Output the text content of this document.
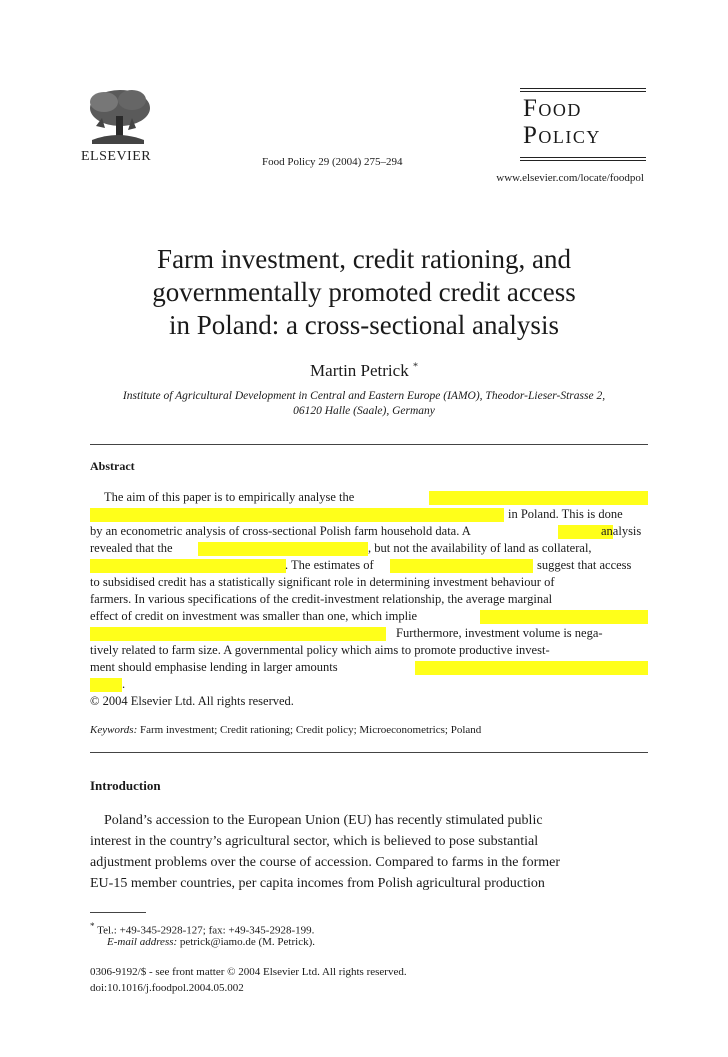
ELSEVIER	Food Policy 29 (2004) 275–294
Food
Policy
www.elsevier.com/locate/foodpol
Farm investment, credit rationing, and
governmentally promoted credit access
in Poland: a cross-sectional analysis
Martin Petrick *
Institute of Agricultural Development in Central and Eastern Europe (IAMO), Theodor-Lieser-Strasse 2,
06120 Halle (Saale), Germany
Abstract
The aim of this paper is to empirically analyse the
in Poland. This is done
by an econometric analysis of cross-sectional Polish farm household data. A	analysis
revealed that the	, but not the availability of land as collateral,
. The estimates of	suggest that access
to subsidised credit has a statistically significant role in determining investment behaviour of
farmers. In various specifications of the credit-investment relationship, the average marginal
effect of credit on investment was smaller than one, which implie
Furthermore, investment volume is nega-
tively related to farm size. A governmental policy which aims to promote productive invest-
ment should emphasise lending in larger amounts
.
© 2004 Elsevier Ltd. All rights reserved.
Keywords: Farm investment; Credit rationing; Credit policy; Microeconometrics; Poland
Introduction
Poland’s accession to the European Union (EU) has recently stimulated public
interest in the country’s agricultural sector, which is believed to pose substantial
adjustment problems over the course of accession. Compared to farms in the former
EU-15 member countries, per capita incomes from Polish agricultural production
* Tel.: +49-345-2928-127; fax: +49-345-2928-199.
E-mail address: petrick@iamo.de (M. Petrick).
0306-9192/$ - see front matter © 2004 Elsevier Ltd. All rights reserved.
doi:10.1016/j.foodpol.2004.05.002
